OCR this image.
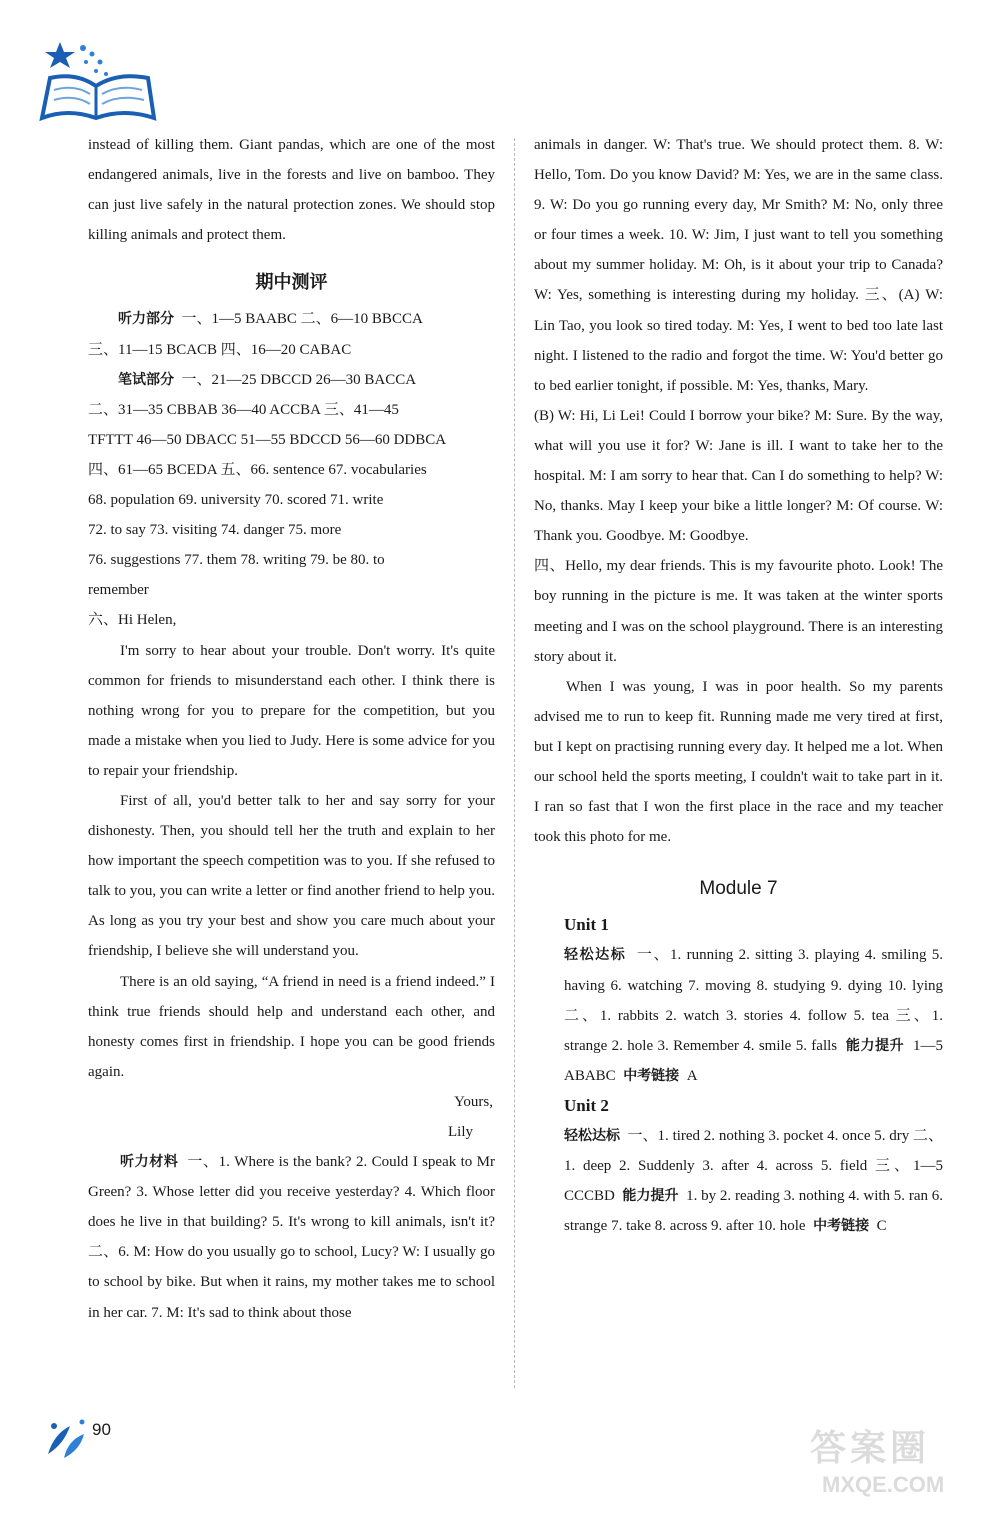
instead of killing them. Giant pandas, which are one of the most endangered animals, live in the forests and live on bamboo. They can just live safely in the natural protection zones. We should stop killing animals and protect them.

期中测评

听力部分 一、1—5 BAABC 二、6—10 BBCCA

三、11—15 BCACB 四、16—20 CABAC

笔试部分 一、21—25 DBCCD 26—30 BACCA

二、31—35 CBBAB 36—40 ACCBA 三、41—45

TFTTT 46—50 DBACC 51—55 BDCCD 56—60 DDBCA

四、61—65 BCEDA 五、66. sentence 67. vocabularies

68. population 69. university 70. scored 71. write

72. to say 73. visiting 74. danger 75. more

76. suggestions 77. them 78. writing 79. be 80. to

remember

六、Hi Helen,

I'm sorry to hear about your trouble. Don't worry. It's quite common for friends to misunderstand each other. I think there is nothing wrong for you to prepare for the competition, but you made a mistake when you lied to Judy. Here is some advice for you to repair your friendship.

First of all, you'd better talk to her and say sorry for your dishonesty. Then, you should tell her the truth and explain to her how important the speech competition was to you. If she refused to talk to you, you can write a letter or find another friend to help you. As long as you try your best and show you care much about your friendship, I believe she will understand you.

There is an old saying, “A friend in need is a friend indeed.” I think true friends should help and understand each other, and honesty comes first in friendship. I hope you can be good friends again.

Yours,

Lily

听力材料 一、1. Where is the bank? 2. Could I speak to Mr Green? 3. Whose letter did you receive yesterday? 4. Which floor does he live in that building? 5. It's wrong to kill animals, isn't it? 二、6. M: How do you usually go to school, Lucy? W: I usually go to school by bike. But when it rains, my mother takes me to school in her car. 7. M: It's sad to think about those

animals in danger. W: That's true. We should protect them. 8. W: Hello, Tom. Do you know David? M: Yes, we are in the same class. 9. W: Do you go running every day, Mr Smith? M: No, only three or four times a week. 10. W: Jim, I just want to tell you something about my summer holiday. M: Oh, is it about your trip to Canada? W: Yes, something is interesting during my holiday. 三、(A) W: Lin Tao, you look so tired today. M: Yes, I went to bed too late last night. I listened to the radio and forgot the time. W: You'd better go to bed earlier tonight, if possible. M: Yes, thanks, Mary.

(B) W: Hi, Li Lei! Could I borrow your bike? M: Sure. By the way, what will you use it for? W: Jane is ill. I want to take her to the hospital. M: I am sorry to hear that. Can I do something to help? W: No, thanks. May I keep your bike a little longer? M: Of course. W: Thank you. Goodbye. M: Goodbye.

四、Hello, my dear friends. This is my favourite photo. Look! The boy running in the picture is me. It was taken at the winter sports meeting and I was on the school playground. There is an interesting story about it.

When I was young, I was in poor health. So my parents advised me to run to keep fit. Running made me very tired at first, but I kept on practising running every day. It helped me a lot. When our school held the sports meeting, I couldn't wait to take part in it. I ran so fast that I won the first place in the race and my teacher took this photo for me.

Module 7

Unit 1

轻松达标 一、1. running 2. sitting 3. playing 4. smiling 5. having 6. watching 7. moving 8. studying 9. dying 10. lying 二、1. rabbits 2. watch 3. stories 4. follow 5. tea 三、1. strange 2. hole 3. Remember 4. smile 5. falls 能力提升 1—5 ABABC 中考链接 A

Unit 2

轻松达标 一、1. tired 2. nothing 3. pocket 4. once 5. dry 二、1. deep 2. Suddenly 3. after 4. across 5. field 三、1—5 CCCBD 能力提升 1. by 2. reading 3. nothing 4. with 5. ran 6. strange 7. take 8. across 9. after 10. hole 中考链接 C

90	答案圈
MXQE.COM
